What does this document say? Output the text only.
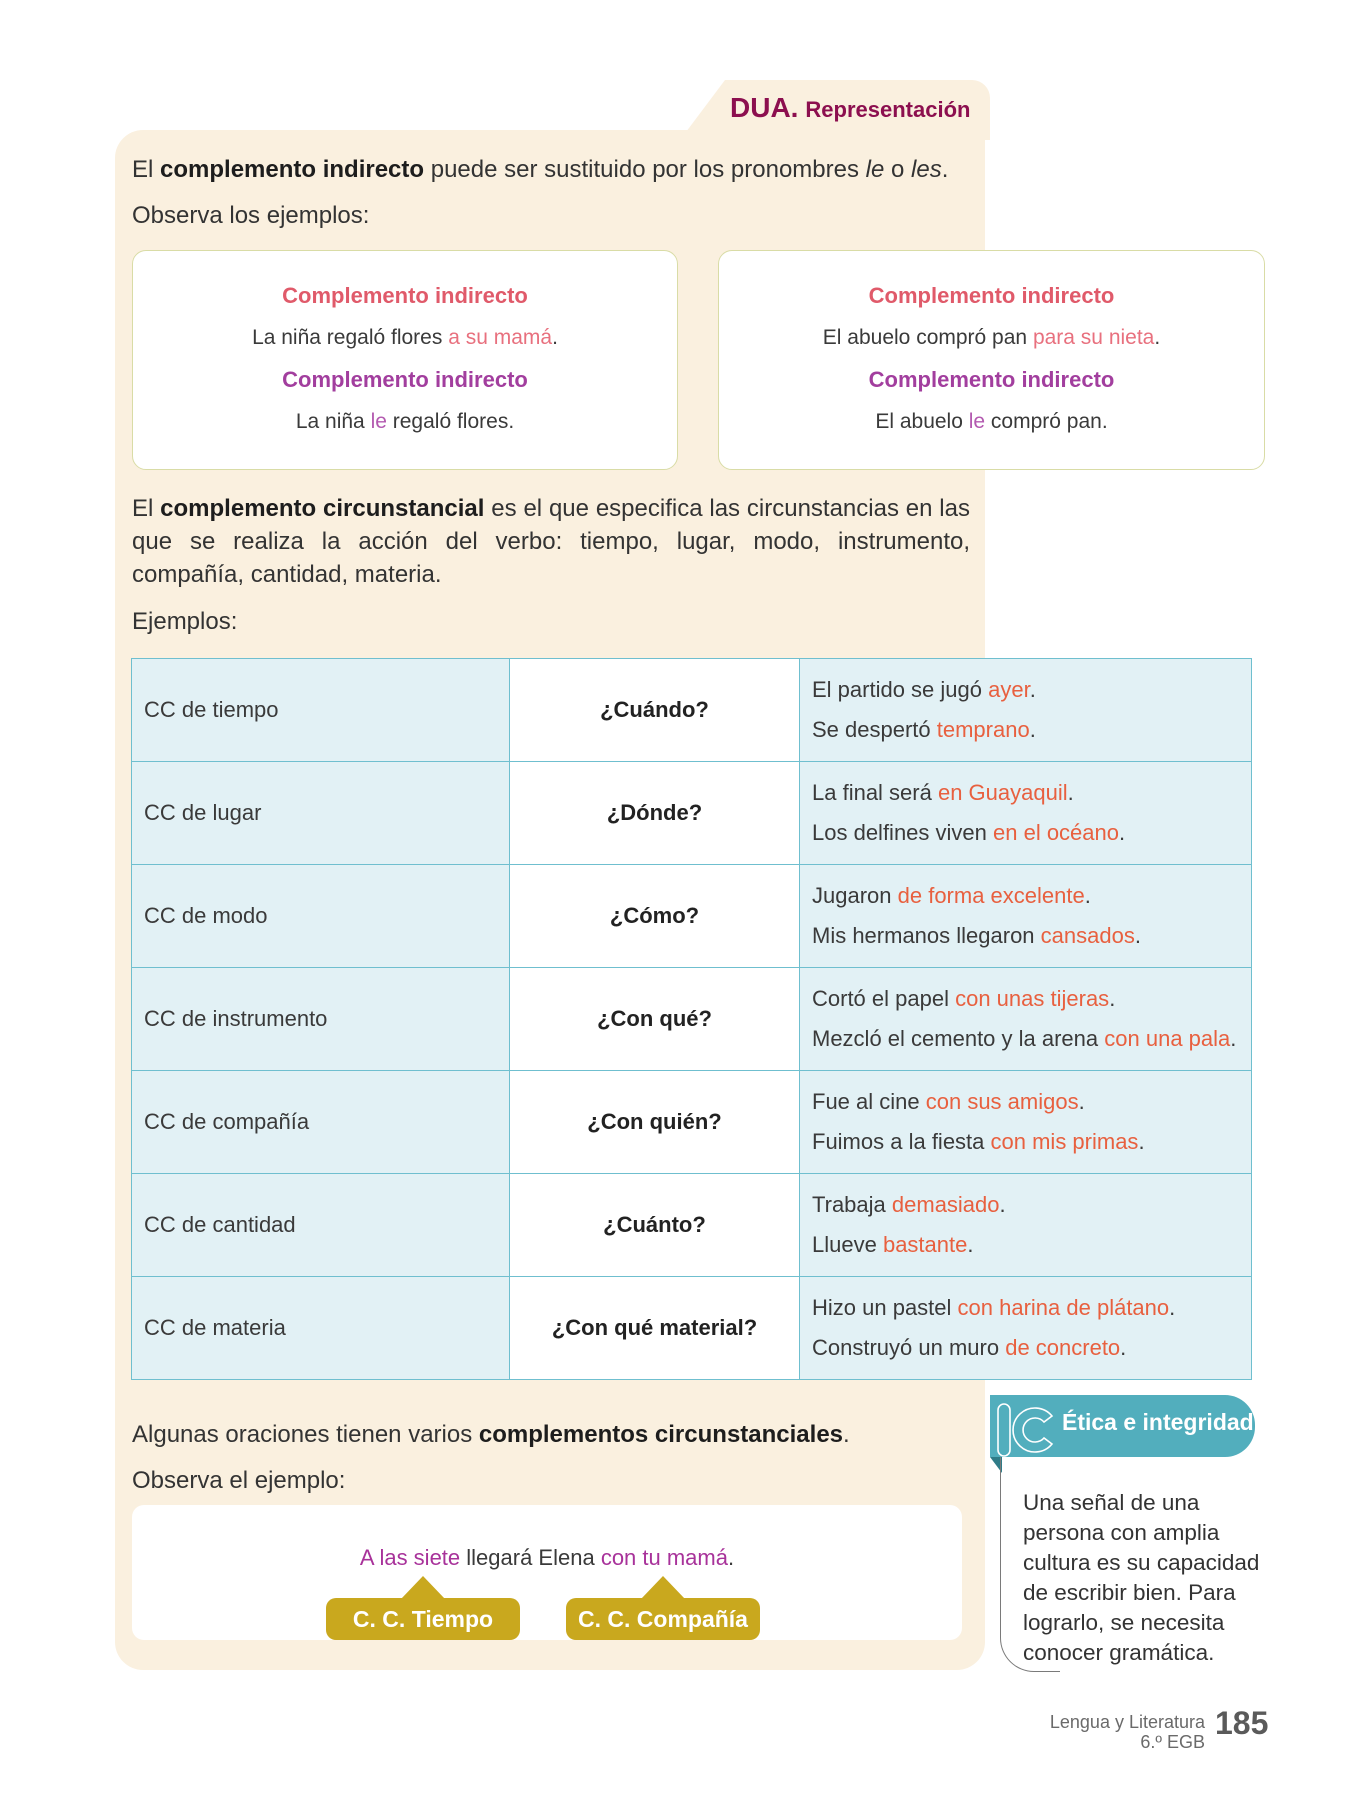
DUA. Representación
El complemento indirecto puede ser sustituido por los pronombres le o les.
Observa los ejemplos:
Complemento indirecto
La niña regaló flores a su mamá.
Complemento indirecto
La niña le regaló flores.
Complemento indirecto
El abuelo compró pan para su nieta.
Complemento indirecto
El abuelo le compró pan.
El complemento circunstancial es el que especifica las circunstancias en las que se realiza la acción del verbo: tiempo, lugar, modo, instrumento, compañía, cantidad, materia.
Ejemplos:
CC de tiempo	¿Cuándo?	El partido se jugó ayer.
Se despertó temprano.

CC de lugar	¿Dónde?	La final será en Guayaquil.
Los delfines viven en el océano.

CC de modo	¿Cómo?	Jugaron de forma excelente.
Mis hermanos llegaron cansados.

CC de instrumento	¿Con qué?	Cortó el papel con unas tijeras.
Mezcló el cemento y la arena con una pala.

CC de compañía	¿Con quién?	Fue al cine con sus amigos.
Fuimos a la fiesta con mis primas.

CC de cantidad	¿Cuánto?	Trabaja demasiado.
Llueve bastante.

CC de materia	¿Con qué material?	Hizo un pastel con harina de plátano.
Construyó un muro de concreto.
Algunas oraciones tienen varios complementos circunstanciales.
Observa el ejemplo:
A las siete llegará Elena con tu mamá.
C. C. Tiempo	C. C. Compañía
Ética e integridad
Una señal de una persona con amplia cultura es su capacidad de escribir bien. Para lograrlo, se necesita conocer gramática.
Lengua y Literatura
6.º EGB
185
